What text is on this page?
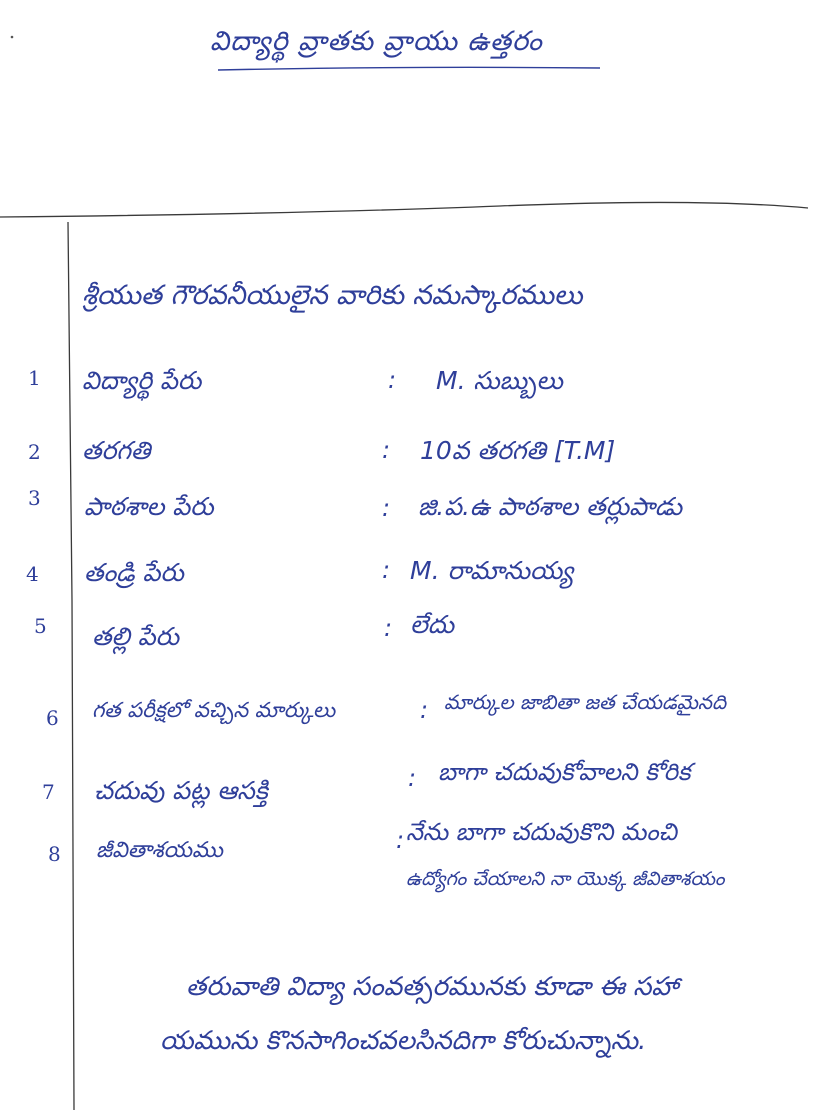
విద్యార్థి వ్రాతకు వ్రాయు ఉత్తరం
శ్రీయుత గౌరవనీయులైన వారికు నమస్కారములు
1 విద్యార్థి పేరు	: M. సుబ్బులు
2 తరగతి	: 10వ తరగతి [T.M]
3 పాఠశాల పేరు	: జి.ప.ఉ పాఠశాల తర్లుపాడు
4 తండ్రి పేరు	: M. రామానుయ్య
5 తల్లి పేరు	: లేదు
6 గత పరీక్షలో వచ్చిన మార్కులు	: మార్కుల జాబితా జత చేయడమైనది
7 చదువు పట్ల ఆసక్తి	: బాగా చదువుకోవాలని కోరిక
8 జీవితాశయము	: నేను బాగా చదువుకొని మంచి
ఉద్యోగం చేయాలని నా యొక్క జీవితాశయం
తరువాతి విద్యా సంవత్సరమునకు కూడా ఈ సహా
యమును కొనసాగించవలసినదిగా కోరుచున్నాను.
